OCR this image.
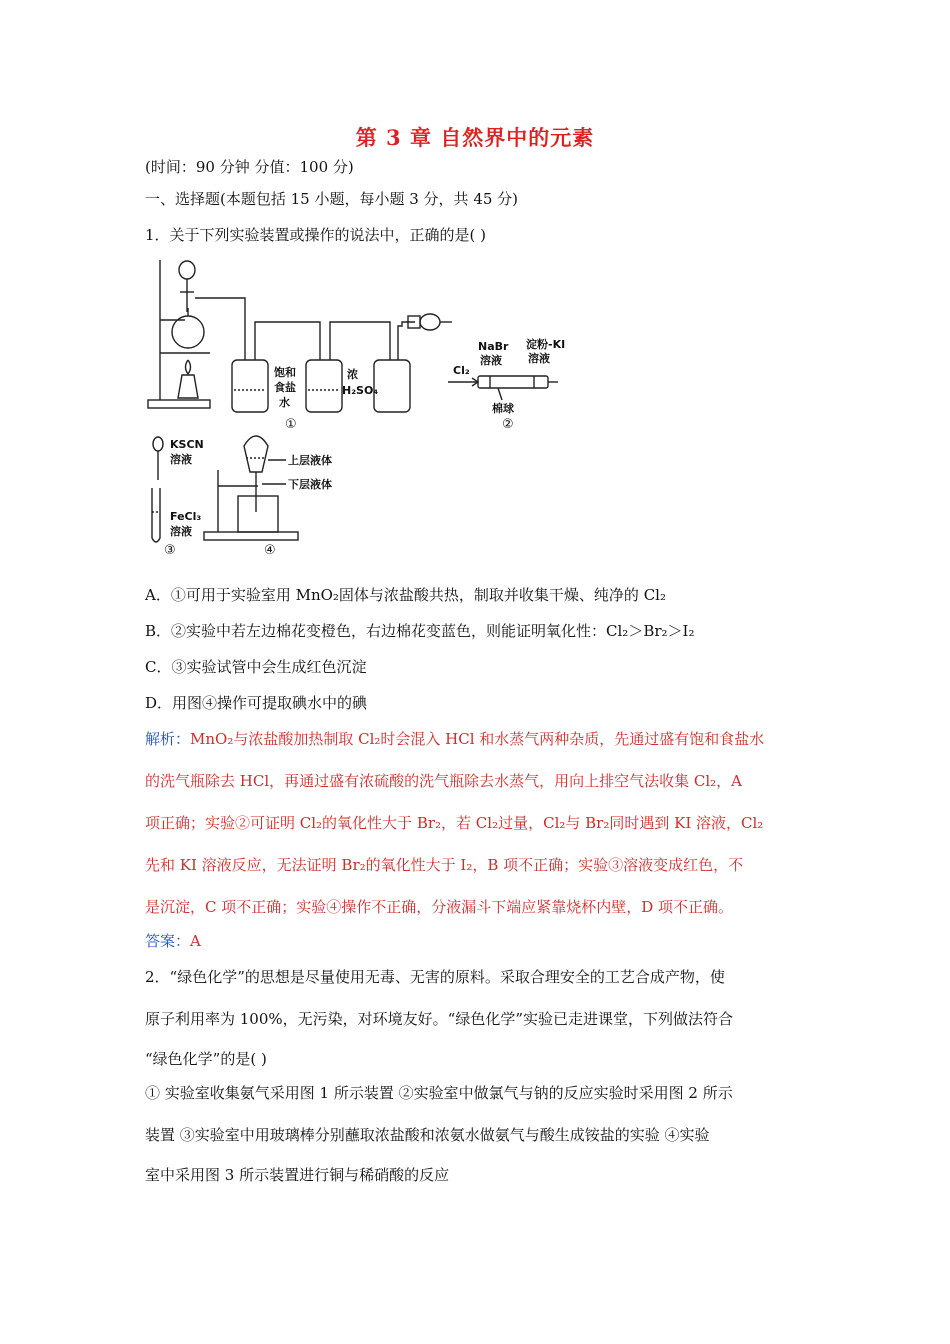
第 3 章 自然界中的元素
(时间：90 分钟 分值：100 分)
一、选择题(本题包括 15 小题，每小题 3 分，共 45 分)
1．关于下列实验装置或操作的说法中，正确的是( )
饱和
食盐
水
浓
H₂SO₄
①
Cl₂
NaBr
溶液
淀粉-KI
溶液
棉球
②
KSCN
溶液
FeCl₃
溶液
③
上层液体
下层液体
④
A．①可用于实验室用 MnO₂固体与浓盐酸共热，制取并收集干燥、纯净的 Cl₂
B．②实验中若左边棉花变橙色，右边棉花变蓝色，则能证明氧化性：Cl₂＞Br₂＞I₂
C．③实验试管中会生成红色沉淀
D．用图④操作可提取碘水中的碘
解析：MnO₂与浓盐酸加热制取 Cl₂时会混入 HCl 和水蒸气两种杂质，先通过盛有饱和食盐水
的洗气瓶除去 HCl，再通过盛有浓硫酸的洗气瓶除去水蒸气，用向上排空气法收集 Cl₂，A
项正确；实验②可证明 Cl₂的氧化性大于 Br₂，若 Cl₂过量，Cl₂与 Br₂同时遇到 KI 溶液，Cl₂
先和 KI 溶液反应，无法证明 Br₂的氧化性大于 I₂，B 项不正确；实验③溶液变成红色，不
是沉淀，C 项不正确；实验④操作不正确，分液漏斗下端应紧靠烧杯内壁，D 项不正确。
答案：A
2．“绿色化学”的思想是尽量使用无毒、无害的原料。采取合理安全的工艺合成产物，使
原子利用率为 100%，无污染，对环境友好。“绿色化学”实验已走进课堂，下列做法符合
“绿色化学”的是( )
① 实验室收集氨气采用图 1 所示装置 ②实验室中做氯气与钠的反应实验时采用图 2 所示
装置 ③实验室中用玻璃棒分别蘸取浓盐酸和浓氨水做氨气与酸生成铵盐的实验 ④实验
室中采用图 3 所示装置进行铜与稀硝酸的反应
